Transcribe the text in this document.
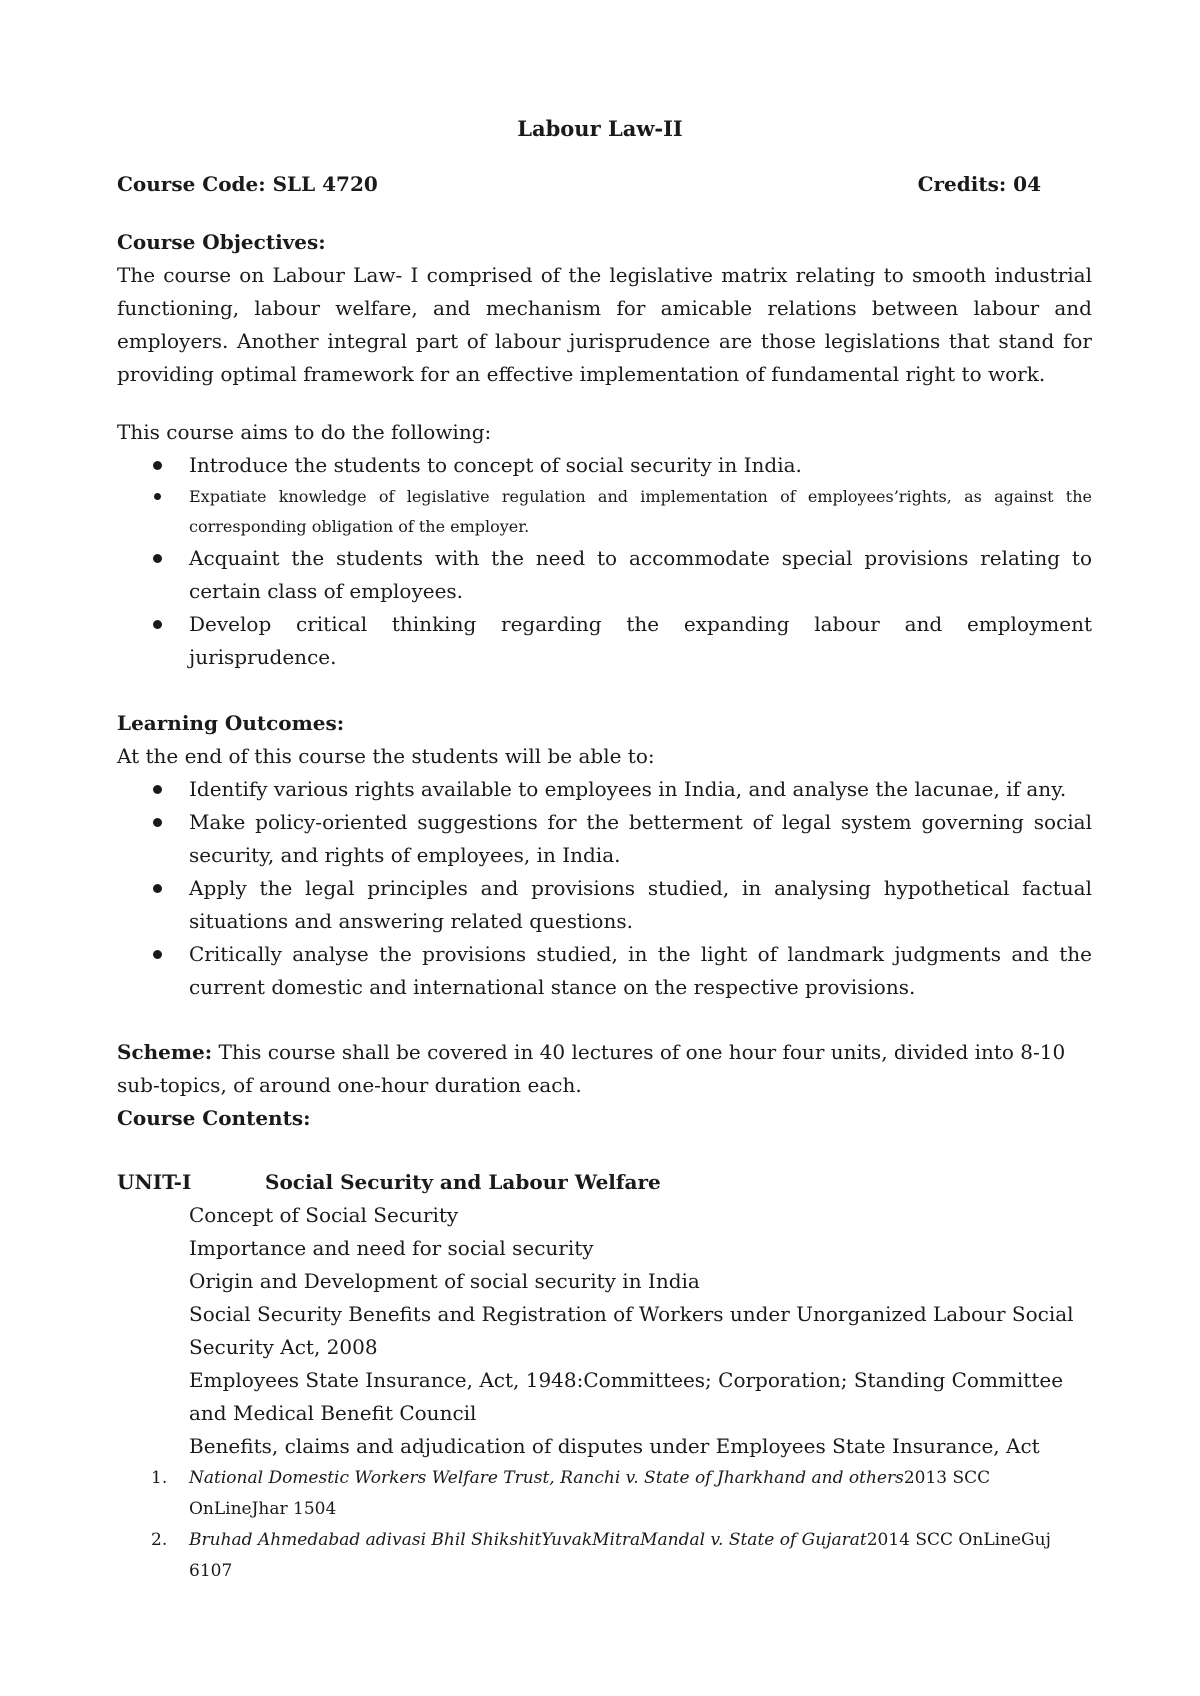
Labour Law-II
Course Code: SLL 4720	Credits: 04

Course Objectives:

The course on Labour Law- I comprised of the legislative matrix relating to smooth industrial functioning, labour welfare, and mechanism for amicable relations between labour and employers. Another integral part of labour jurisprudence are those legislations that stand for providing optimal framework for an effective implementation of fundamental right to work.

This course aims to do the following:

Introduce the students to concept of social security in India.
Expatiate knowledge of legislative regulation and implementation of employees’rights, as against the corresponding obligation of the employer.
Acquaint the students with the need to accommodate special provisions relating to certain class of employees.
Develop critical thinking regarding the expanding labour and employment jurisprudence.

Learning Outcomes:

At the end of this course the students will be able to:

Identify various rights available to employees in India, and analyse the lacunae, if any.
Make policy-oriented suggestions for the betterment of legal system governing social security, and rights of employees, in India.
Apply the legal principles and provisions studied, in analysing hypothetical factual situations and answering related questions.
Critically analyse the provisions studied, in the light of landmark judgments and the current domestic and international stance on the respective provisions.

Scheme: This course shall be covered in 40 lectures of one hour four units, divided into 8-10 sub-topics, of around one-hour duration each.

Course Contents:

UNIT-I	Social Security and Labour Welfare
Concept of Social Security
Importance and need for social security
Origin and Development of social security in India
Social Security Benefits and Registration of Workers under Unorganized Labour Social Security Act, 2008
Employees State Insurance, Act, 1948:Committees; Corporation; Standing Committee and Medical Benefit Council
Benefits, claims and adjudication of disputes under Employees State Insurance, Act
1. National Domestic Workers Welfare Trust, Ranchi v. State of Jharkhand and others2013 SCC OnLineJhar 1504
2. Bruhad Ahmedabad adivasi Bhil ShikshitYuvakMitraMandal v. State of Gujarat2014 SCC OnLineGuj 6107
